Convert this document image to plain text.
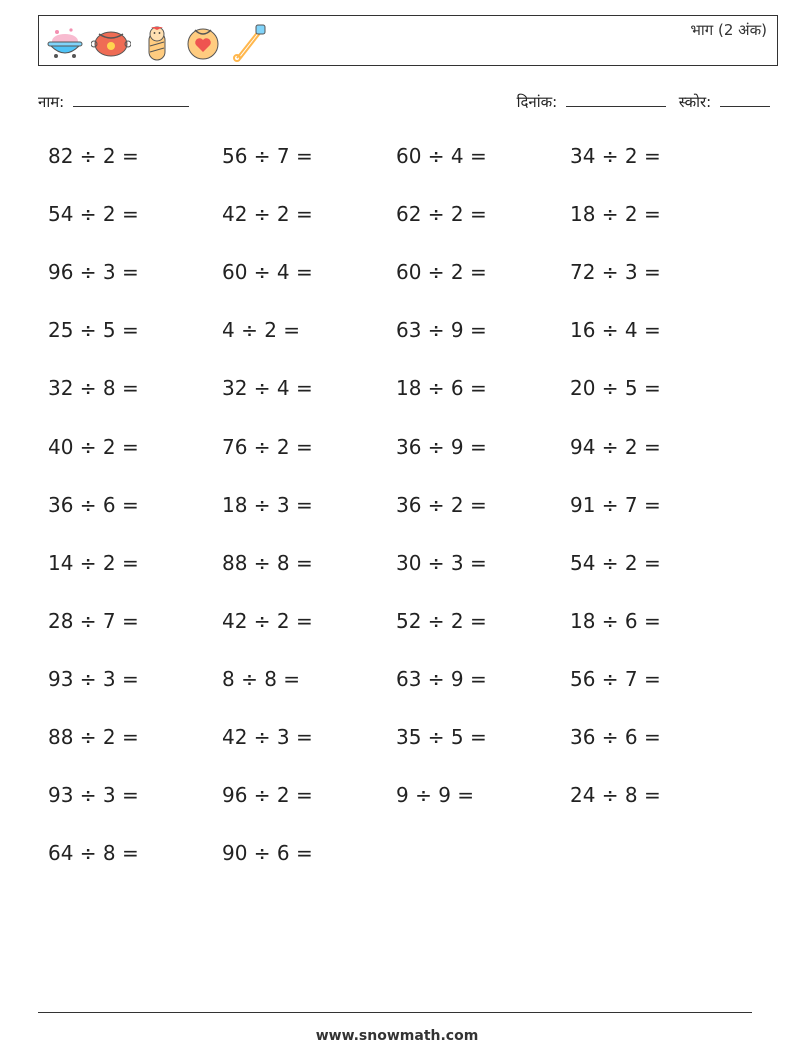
भाग (2 अंक)
नाम:	दिनांक:	स्कोर:
82 ÷ 2 =	56 ÷ 7 =	60 ÷ 4 =	34 ÷ 2 =
54 ÷ 2 =	42 ÷ 2 =	62 ÷ 2 =	18 ÷ 2 =
96 ÷ 3 =	60 ÷ 4 =	60 ÷ 2 =	72 ÷ 3 =
25 ÷ 5 =	4 ÷ 2 =	63 ÷ 9 =	16 ÷ 4 =
32 ÷ 8 =	32 ÷ 4 =	18 ÷ 6 =	20 ÷ 5 =
40 ÷ 2 =	76 ÷ 2 =	36 ÷ 9 =	94 ÷ 2 =
36 ÷ 6 =	18 ÷ 3 =	36 ÷ 2 =	91 ÷ 7 =
14 ÷ 2 =	88 ÷ 8 =	30 ÷ 3 =	54 ÷ 2 =
28 ÷ 7 =	42 ÷ 2 =	52 ÷ 2 =	18 ÷ 6 =
93 ÷ 3 =	8 ÷ 8 =	63 ÷ 9 =	56 ÷ 7 =
88 ÷ 2 =	42 ÷ 3 =	35 ÷ 5 =	36 ÷ 6 =
93 ÷ 3 =	96 ÷ 2 =	9 ÷ 9 =	24 ÷ 8 =
64 ÷ 8 =	90 ÷ 6 =
www.snowmath.com
